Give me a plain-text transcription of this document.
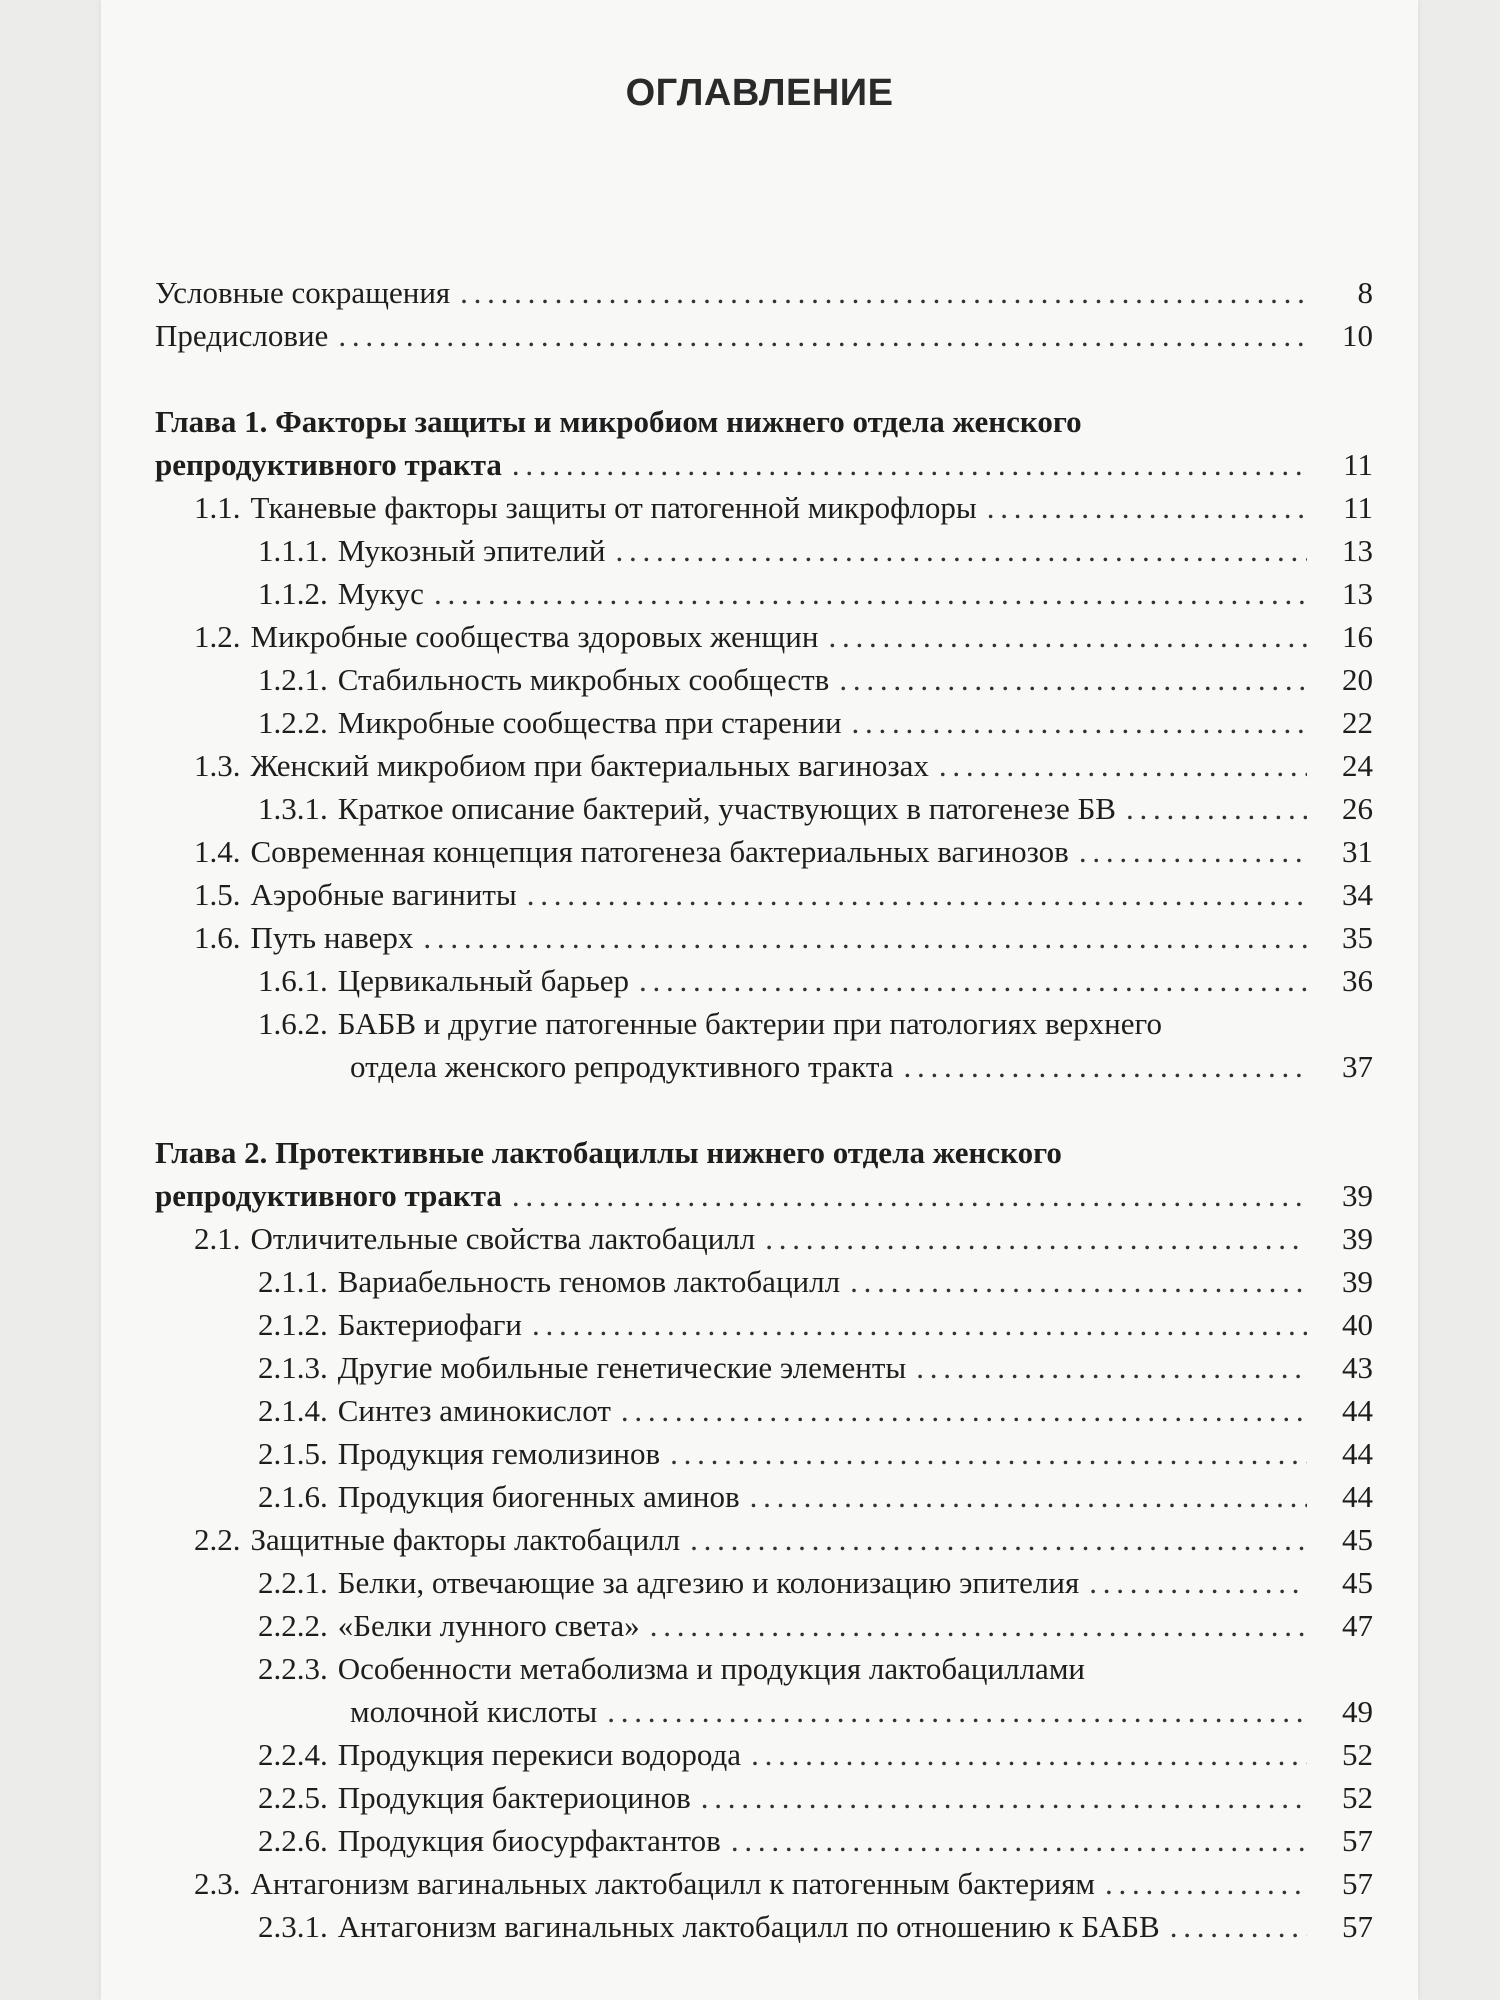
ОГЛАВЛЕНИЕ
Условные сокращения . . .	8
Предисловие . . .	10
Глава 1. Факторы защиты и микробиом нижнего отдела женского
репродуктивного тракта . . .	11
1.1. Тканевые факторы защиты от патогенной микрофлоры . . .	11
1.1.1. Мукозный эпителий . . .	13
1.1.2. Мукус . . .	13
1.2. Микробные сообщества здоровых женщин . . .	16
1.2.1. Стабильность микробных сообществ . . .	20
1.2.2. Микробные сообщества при старении . . .	22
1.3. Женский микробиом при бактериальных вагинозах . . .	24
1.3.1. Краткое описание бактерий, участвующих в патогенезе БВ . . .	26
1.4. Современная концепция патогенеза бактериальных вагинозов . . .	31
1.5. Аэробные вагиниты . . .	34
1.6. Путь наверх . . .	35
1.6.1. Цервикальный барьер . . .	36
1.6.2. БАБВ и другие патогенные бактерии при патологиях верхнего
отдела женского репродуктивного тракта . . .	37
Глава 2. Протективные лактобациллы нижнего отдела женского
репродуктивного тракта . . .	39
2.1. Отличительные свойства лактобацилл . . .	39
2.1.1. Вариабельность геномов лактобацилл . . .	39
2.1.2. Бактериофаги . . .	40
2.1.3. Другие мобильные генетические элементы . . .	43
2.1.4. Синтез аминокислот . . .	44
2.1.5. Продукция гемолизинов . . .	44
2.1.6. Продукция биогенных аминов . . .	44
2.2. Защитные факторы лактобацилл . . .	45
2.2.1. Белки, отвечающие за адгезию и колонизацию эпителия . . .	45
2.2.2. «Белки лунного света» . . .	47
2.2.3. Особенности метаболизма и продукция лактобациллами
молочной кислоты . . .	49
2.2.4. Продукция перекиси водорода . . .	52
2.2.5. Продукция бактериоцинов . . .	52
2.2.6. Продукция биосурфактантов . . .	57
2.3. Антагонизм вагинальных лактобацилл к патогенным бактериям . . .	57
2.3.1. Антагонизм вагинальных лактобацилл по отношению к БАБВ . . .	57
